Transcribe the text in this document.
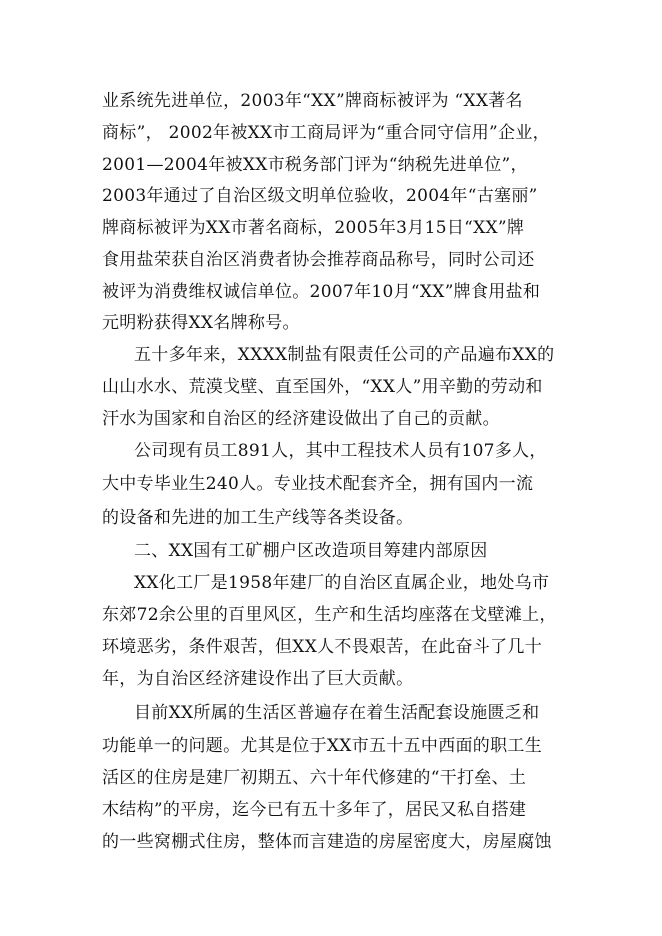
业系统先进单位，2003年“XX”牌商标被评为 “XX著名
商标”， 2002年被XX市工商局评为“重合同守信用”企业，
2001—2004年被XX市税务部门评为“纳税先进单位”，
2003年通过了自治区级文明单位验收，2004年“古塞丽”
牌商标被评为XX市著名商标，2005年3月15日“XX”牌
食用盐荣获自治区消费者协会推荐商品称号，同时公司还
被评为消费维权诚信单位。2007年10月“XX”牌食用盐和
元明粉获得XX名牌称号。
五十多年来，XXXX制盐有限责任公司的产品遍布XX的
山山水水、荒漠戈壁、直至国外，“XX人”用辛勤的劳动和
汗水为国家和自治区的经济建设做出了自己的贡献。
公司现有员工891人，其中工程技术人员有107多人，
大中专毕业生240人。专业技术配套齐全，拥有国内一流
的设备和先进的加工生产线等各类设备。
二、XX国有工矿棚户区改造项目筹建内部原因
XX化工厂是1958年建厂的自治区直属企业，地处乌市
东郊72余公里的百里风区，生产和生活均座落在戈壁滩上，
环境恶劣，条件艰苦，但XX人不畏艰苦，在此奋斗了几十
年，为自治区经济建设作出了巨大贡献。
目前XX所属的生活区普遍存在着生活配套设施匮乏和
功能单一的问题。尤其是位于XX市五十五中西面的职工生
活区的住房是建厂初期五、六十年代修建的“干打垒、土
木结构”的平房，迄今已有五十多年了，居民又私自搭建
的一些窝棚式住房，整体而言建造的房屋密度大，房屋腐蚀
